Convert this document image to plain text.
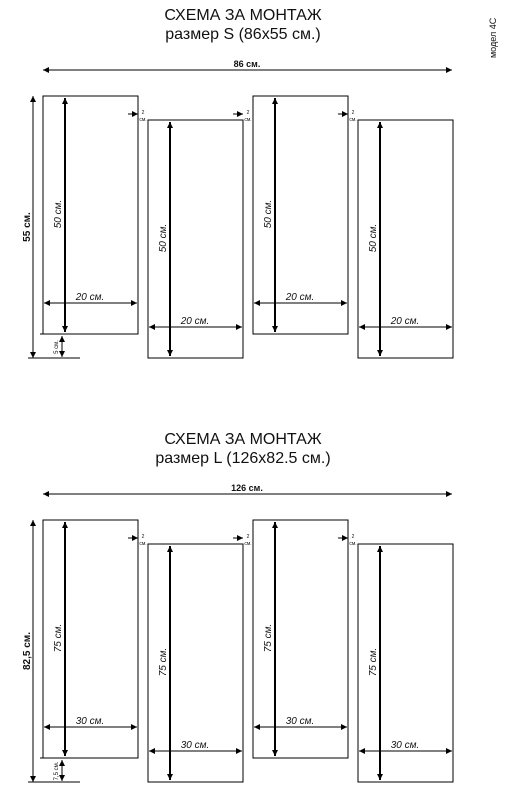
модел 4C
СХЕМА ЗА МОНТАЖ
размер S (86x55 см.)
СХЕМА ЗА МОНТАЖ
размер L (126x82.5 см.)
86 см.
55 см. 50 см.
20 см.
50 см.
20 см.
50 см.
20 см.
50 см.
20 см.
2
см.
2
см.
2
см.
5 см.
126 см.
82,5 см. 75 см.
30 см.
75 см.
30 см.
75 см.
30 см.
75 см.
30 см.
2
см.
2
см.
2
см.
7,5 см.
